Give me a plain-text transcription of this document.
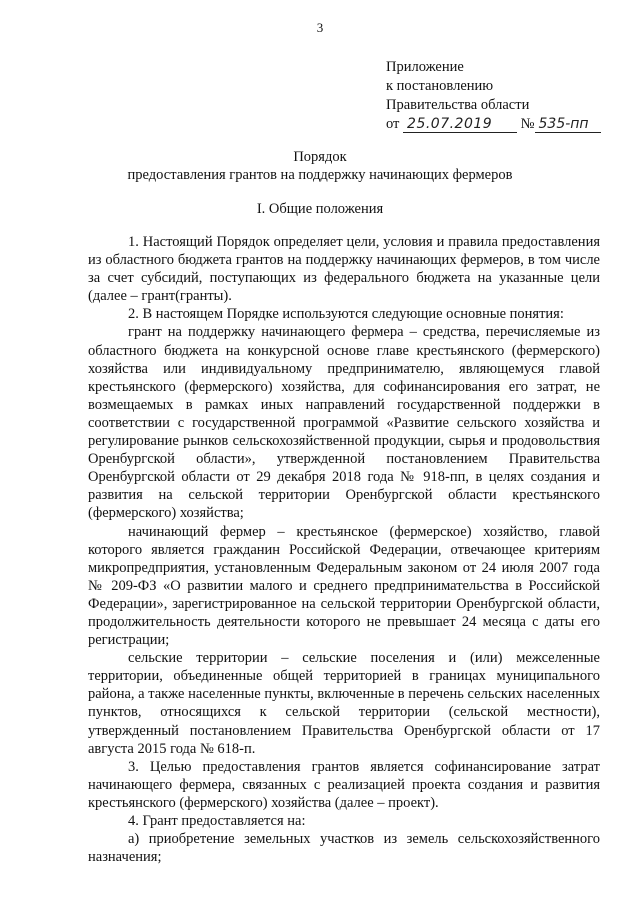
3
Приложение
к постановлению
Правительства области
от 25.07.2019 № 535-пп
Порядок
предоставления грантов на поддержку начинающих фермеров
I. Общие положения

1. Настоящий Порядок определяет цели, условия и правила предоставления из областного бюджета грантов на поддержку начинающих фермеров, в том числе за счет субсидий, поступающих из федерального бюджета на указанные цели (далее – грант(гранты).

2. В настоящем Порядке используются следующие основные понятия:

грант на поддержку начинающего фермера – средства, перечисляемые из областного бюджета на конкурсной основе главе крестьянского (фермерского) хозяйства или индивидуальному предпринимателю, являющемуся главой крестьянского (фермерского) хозяйства, для софинансирования его затрат, не возмещаемых в рамках иных направлений государственной поддержки в соответствии с государственной программой «Развитие сельского хозяйства и регулирование рынков сельскохозяйственной продукции, сырья и продовольствия Оренбургской области», утвержденной постановлением Правительства Оренбургской области от 29 декабря 2018 года № 918-пп, в целях создания и развития на сельской территории Оренбургской области крестьянского (фермерского) хозяйства;

начинающий фермер – крестьянское (фермерское) хозяйство, главой которого является гражданин Российской Федерации, отвечающее критериям микропредприятия, установленным Федеральным законом от 24 июля 2007 года № 209-ФЗ «О развитии малого и среднего предпринимательства в Российской Федерации», зарегистрированное на сельской территории Оренбургской области, продолжительность деятельности которого не превышает 24 месяца с даты его регистрации;

сельские территории – сельские поселения и (или) межселенные территории, объединенные общей территорией в границах муниципального района, а также населенные пункты, включенные в перечень сельских населенных пунктов, относящихся к сельской территории (сельской местности), утвержденный постановлением Правительства Оренбургской области от 17 августа 2015 года № 618-п.

3. Целью предоставления грантов является софинансирование затрат начинающего фермера, связанных с реализацией проекта создания и развития крестьянского (фермерского) хозяйства (далее – проект).

4. Грант предоставляется на:

а) приобретение земельных участков из земель сельскохозяйственного назначения;
